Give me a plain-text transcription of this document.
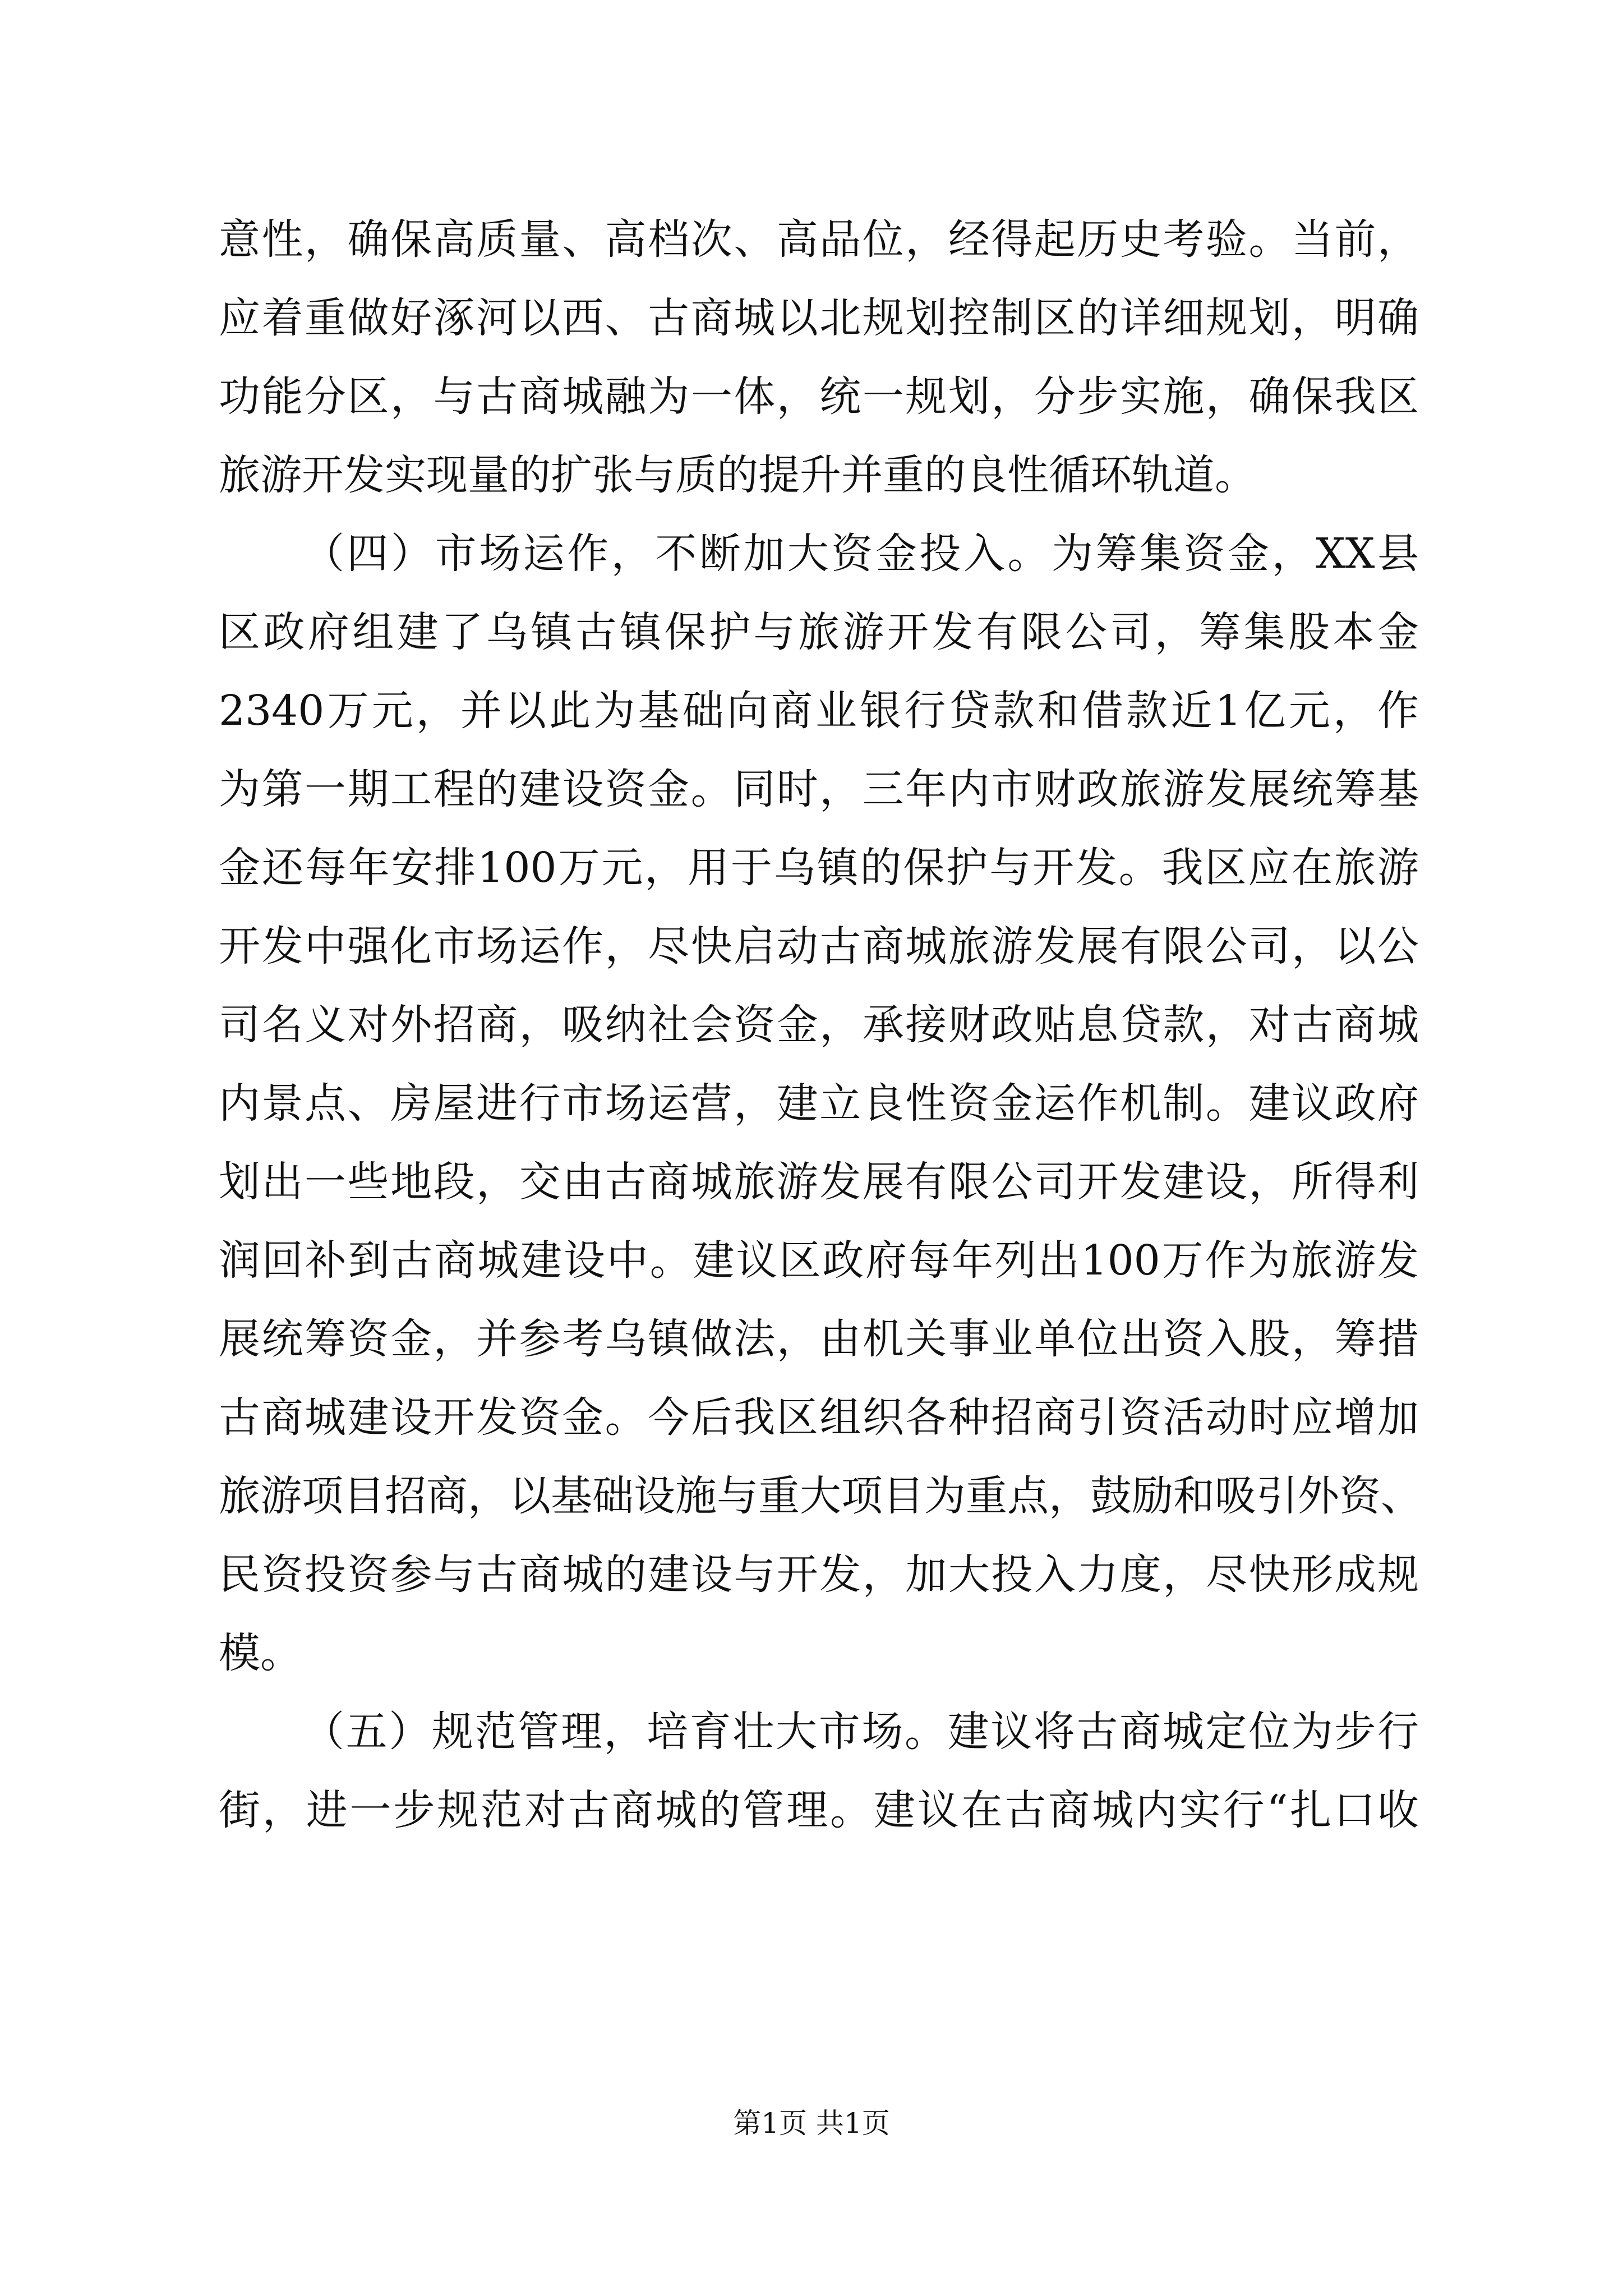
意性，确保高质量、高档次、高品位，经得起历史考验。当前，
应着重做好涿河以西、古商城以北规划控制区的详细规划，明确
功能分区，与古商城融为一体，统一规划，分步实施，确保我区
旅游开发实现量的扩张与质的提升并重的良性循环轨道。
（四）市场运作，不断加大资金投入。为筹集资金，XX县
区政府组建了乌镇古镇保护与旅游开发有限公司，筹集股本金
2340万元，并以此为基础向商业银行贷款和借款近1亿元，作
为第一期工程的建设资金。同时，三年内市财政旅游发展统筹基
金还每年安排100万元，用于乌镇的保护与开发。我区应在旅游
开发中强化市场运作，尽快启动古商城旅游发展有限公司，以公
司名义对外招商，吸纳社会资金，承接财政贴息贷款，对古商城
内景点、房屋进行市场运营，建立良性资金运作机制。建议政府
划出一些地段，交由古商城旅游发展有限公司开发建设，所得利
润回补到古商城建设中。建议区政府每年列出100万作为旅游发
展统筹资金，并参考乌镇做法，由机关事业单位出资入股，筹措
古商城建设开发资金。今后我区组织各种招商引资活动时应增加
旅游项目招商，以基础设施与重大项目为重点，鼓励和吸引外资、
民资投资参与古商城的建设与开发，加大投入力度，尽快形成规
模。
（五）规范管理，培育壮大市场。建议将古商城定位为步行
街，进一步规范对古商城的管理。建议在古商城内实行“扎口收
第1页 共1页
